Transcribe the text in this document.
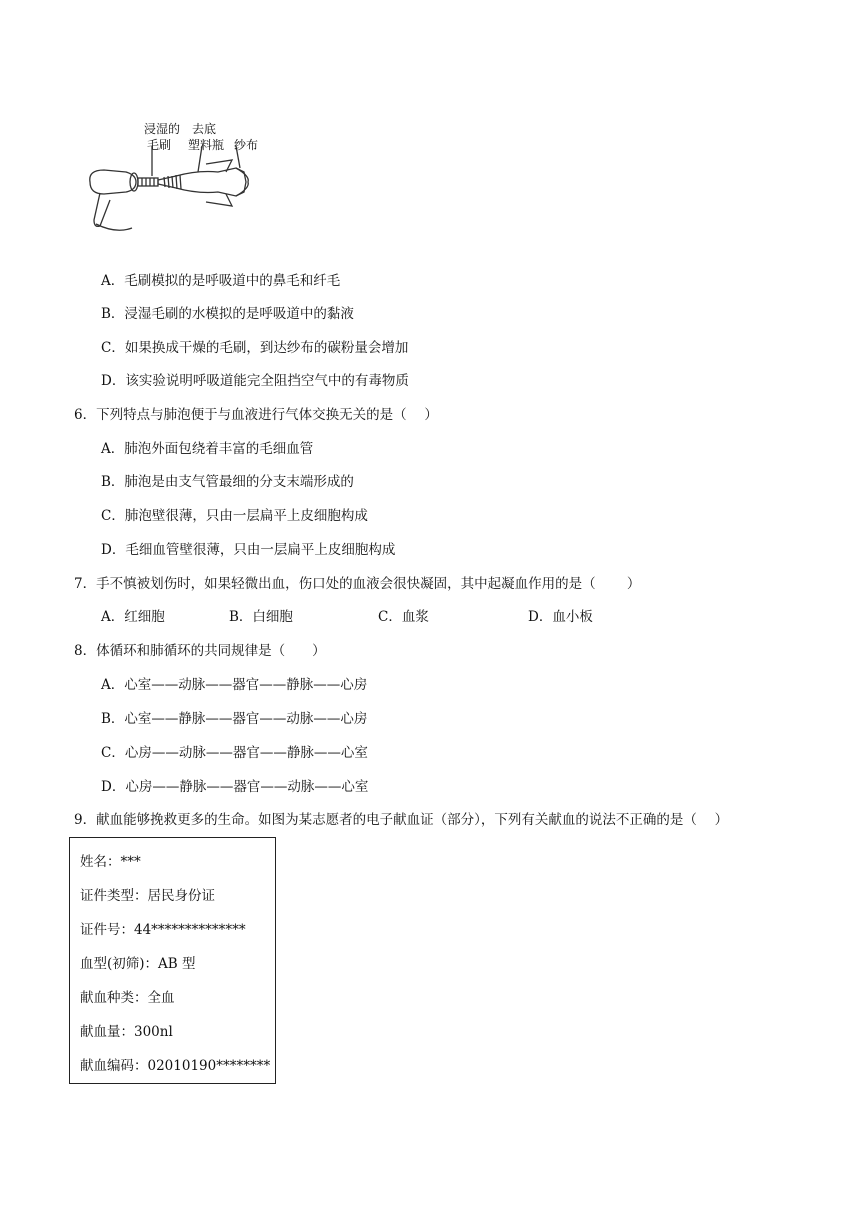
浸湿的
毛刷
去底
塑料瓶 纱布
A．毛刷模拟的是呼吸道中的鼻毛和纤毛
B．浸湿毛刷的水模拟的是呼吸道中的黏液
C．如果换成干燥的毛刷，到达纱布的碳粉量会增加
D．该实验说明呼吸道能完全阻挡空气中的有毒物质
6．下列特点与肺泡便于与血液进行气体交换无关的是（　 ）
A．肺泡外面包绕着丰富的毛细血管
B．肺泡是由支气管最细的分支末端形成的
C．肺泡壁很薄，只由一层扁平上皮细胞构成
D．毛细血管壁很薄，只由一层扁平上皮细胞构成
7．手不慎被划伤时，如果轻微出血，伤口处的血液会很快凝固，其中起凝血作用的是（　　 ）
A．红细胞	B．白细胞	C．血浆	D．血小板
8．体循环和肺循环的共同规律是（　　）
A．心室——动脉——器官——静脉——心房
B．心室——静脉——器官——动脉——心房
C．心房——动脉——器官——静脉——心室
D．心房——静脉——器官——动脉——心室
9．献血能够挽救更多的生命。如图为某志愿者的电子献血证（部分），下列有关献血的说法不正确的是（　 ）
姓名：***
证件类型：居民身份证
证件号：44**************
血型(初筛)：AB 型
献血种类：全血
献血量：300nl
献血编码：02010190********
